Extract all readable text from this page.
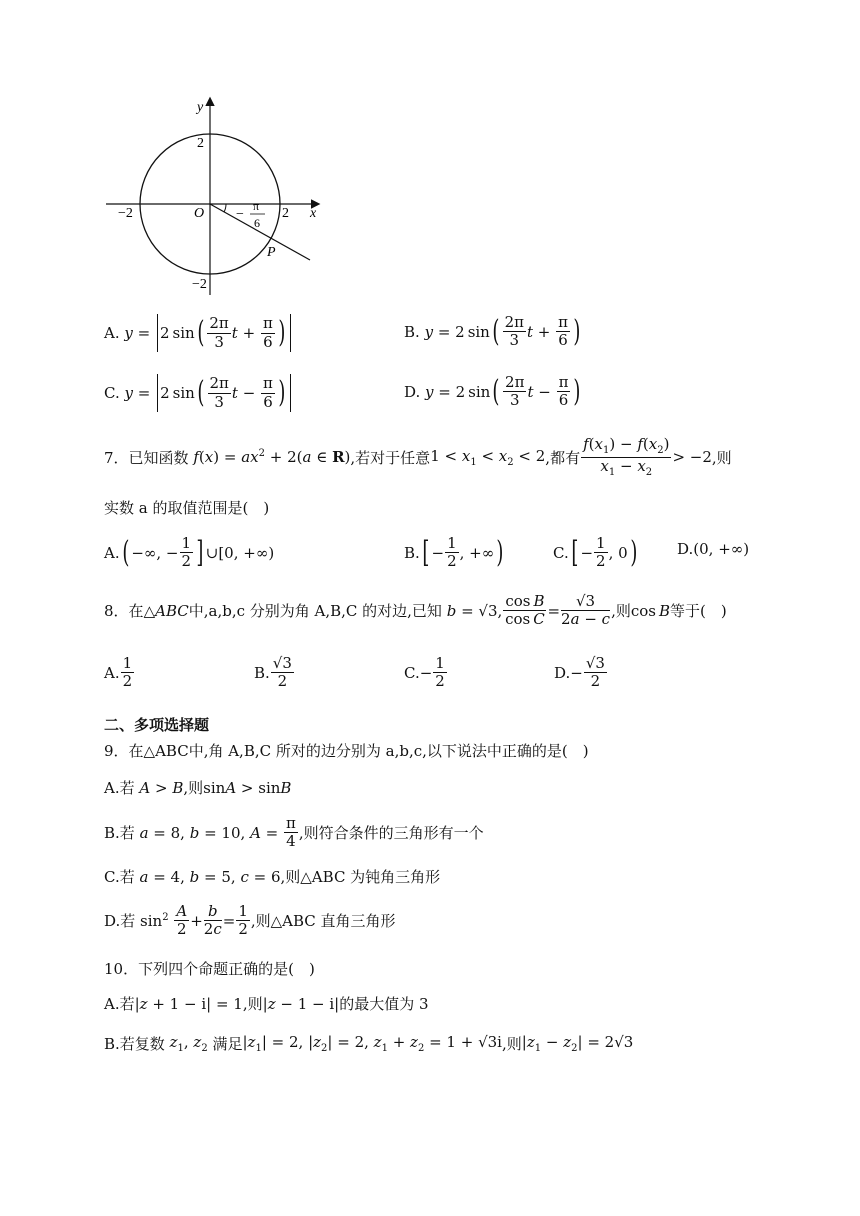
y
x
O
2
−2
−2	2
−
π
6
P
A. y =
2 sin ( $\frac{2\pi}{3}$ $t + \frac{\pi}{6}$ )	B. y = 2 sin ( $\frac{2\pi}{3}$ $t + \frac{\pi}{6}$ )
C. y =
2 sin ( $\frac{2\pi}{3}$ $t - \frac{\pi}{6}$ )	D. y = 2 sin ( $\frac{2\pi}{3}$ $t - \frac{\pi}{6}$ )
7． 已知函数 $f(x) = ax^2 + 2(a$ ∈ R) ,若对于任意 $1 < x_1 < x_2 < 2$ ,都有 $\frac{f(x_1) - f(x_2)}{x_1 - x_2} > -2$ ,则
实数 a 的取值范围是(　)
A. ( −∞, − $\frac{1}{2}$ ] ∪[0, +∞)	B. [ − $\frac{1}{2}$ , +∞ )	C. [ − $\frac{1}{2}$ , 0 )	D. (0, +∞)
8． 在 △ABC 中,a,b,c 分别为角 A,B,C 的对边,已知 b = √3, $\frac{\text{cos B}}{\text{cos C}} = \frac{√3}{2a - c}$ ,则 cos B 等于(　)
A. $\frac{1}{2}$	B. $\frac{√3}{2}$	C. − $\frac{1}{2}$	D. − $\frac{√3}{2}$
二、多项选择题
9．在△ABC中,角 A,B,C 所对的边分别为 a,b,c,以下说法中正确的是(　)
A.若 A > B ,则 sinA > sinB
B.若 a = 8, b = 10, $A = \frac{\pi}{4}$ ,则符合条件的三角形有一个
C.若 a = 4, b = 5, c = 6 ,则△ABC 为钝角三角形
D.若 $\sin^2 \frac{A}{2} + \frac{b}{2c} = \frac{1}{2}$ ,则△ABC 直角三角形
10．下列四个命题正确的是(　)
A.若 |z + 1 − i| = 1 ,则 |z − 1 − i| 的最大值为 3
B.若复数 $z_1$, $z_2$ 满足 $|z_1| = 2$, $|z_2| = 2$, $z_1 + z_2 = 1 + √3i$ ,则 $|z_1 - z_2| = 2√3$
